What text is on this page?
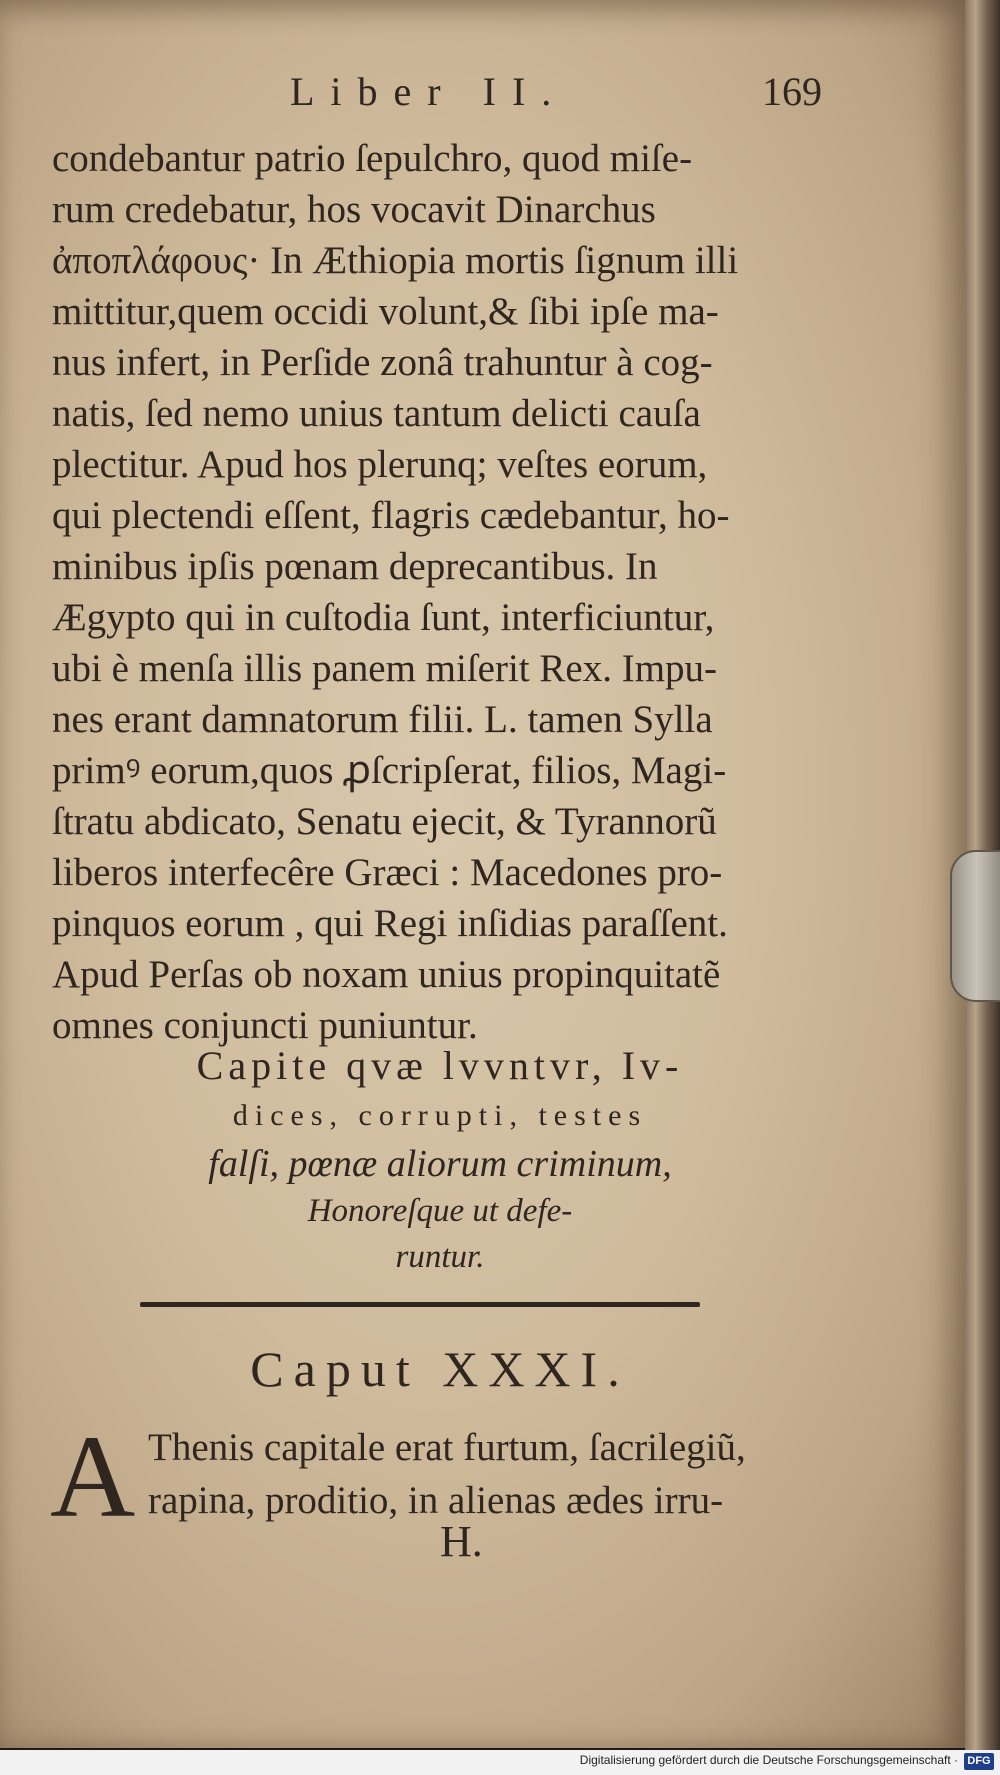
Liber II.	169
condebantur patrio ſepulchro, quod miſe-
rum credebatur, hos vocavit Dinarchus
ἀποπλάφους· In Æthiopia mortis ſignum illi
mittitur,quem occidi volunt,& ſibi ipſe ma-
nus infert, in Perſide zonâ trahuntur à cog-
natis, ſed nemo unius tantum delicti cauſa
plectitur. Apud hos plerunq; veſtes eorum,
qui plectendi eſſent, flagris cædebantur, ho-
minibus ipſis pœnam deprecantibus. In
Ægypto qui in cuſtodia ſunt, interficiuntur,
ubi è menſa illis panem miſerit Rex. Impu-
nes erant damnatorum filii. L. tamen Sylla
primꝰ eorum,quos ꝓſcripſerat, filios, Magi-
ſtratu abdicato, Senatu ejecit, & Tyrannorũ
liberos interfecêre Græci : Macedones pro-
pinquos eorum , qui Regi inſidias paraſſent.
Apud Perſas ob noxam unius propinquitatẽ
omnes conjuncti puniuntur.
Capite qvæ lvvntvr, Iv-
dices, corrupti, testes
falſi, pœnæ aliorum criminum,
Honoreſque ut defe-
runtur.
Caput XXXI.
A Thenis capitale erat furtum, ſacrilegiũ,
rapina, proditio, in alienas ædes irru-
H.
Digitalisierung gefördert durch die Deutsche Forschungsgemeinschaft · DFG
